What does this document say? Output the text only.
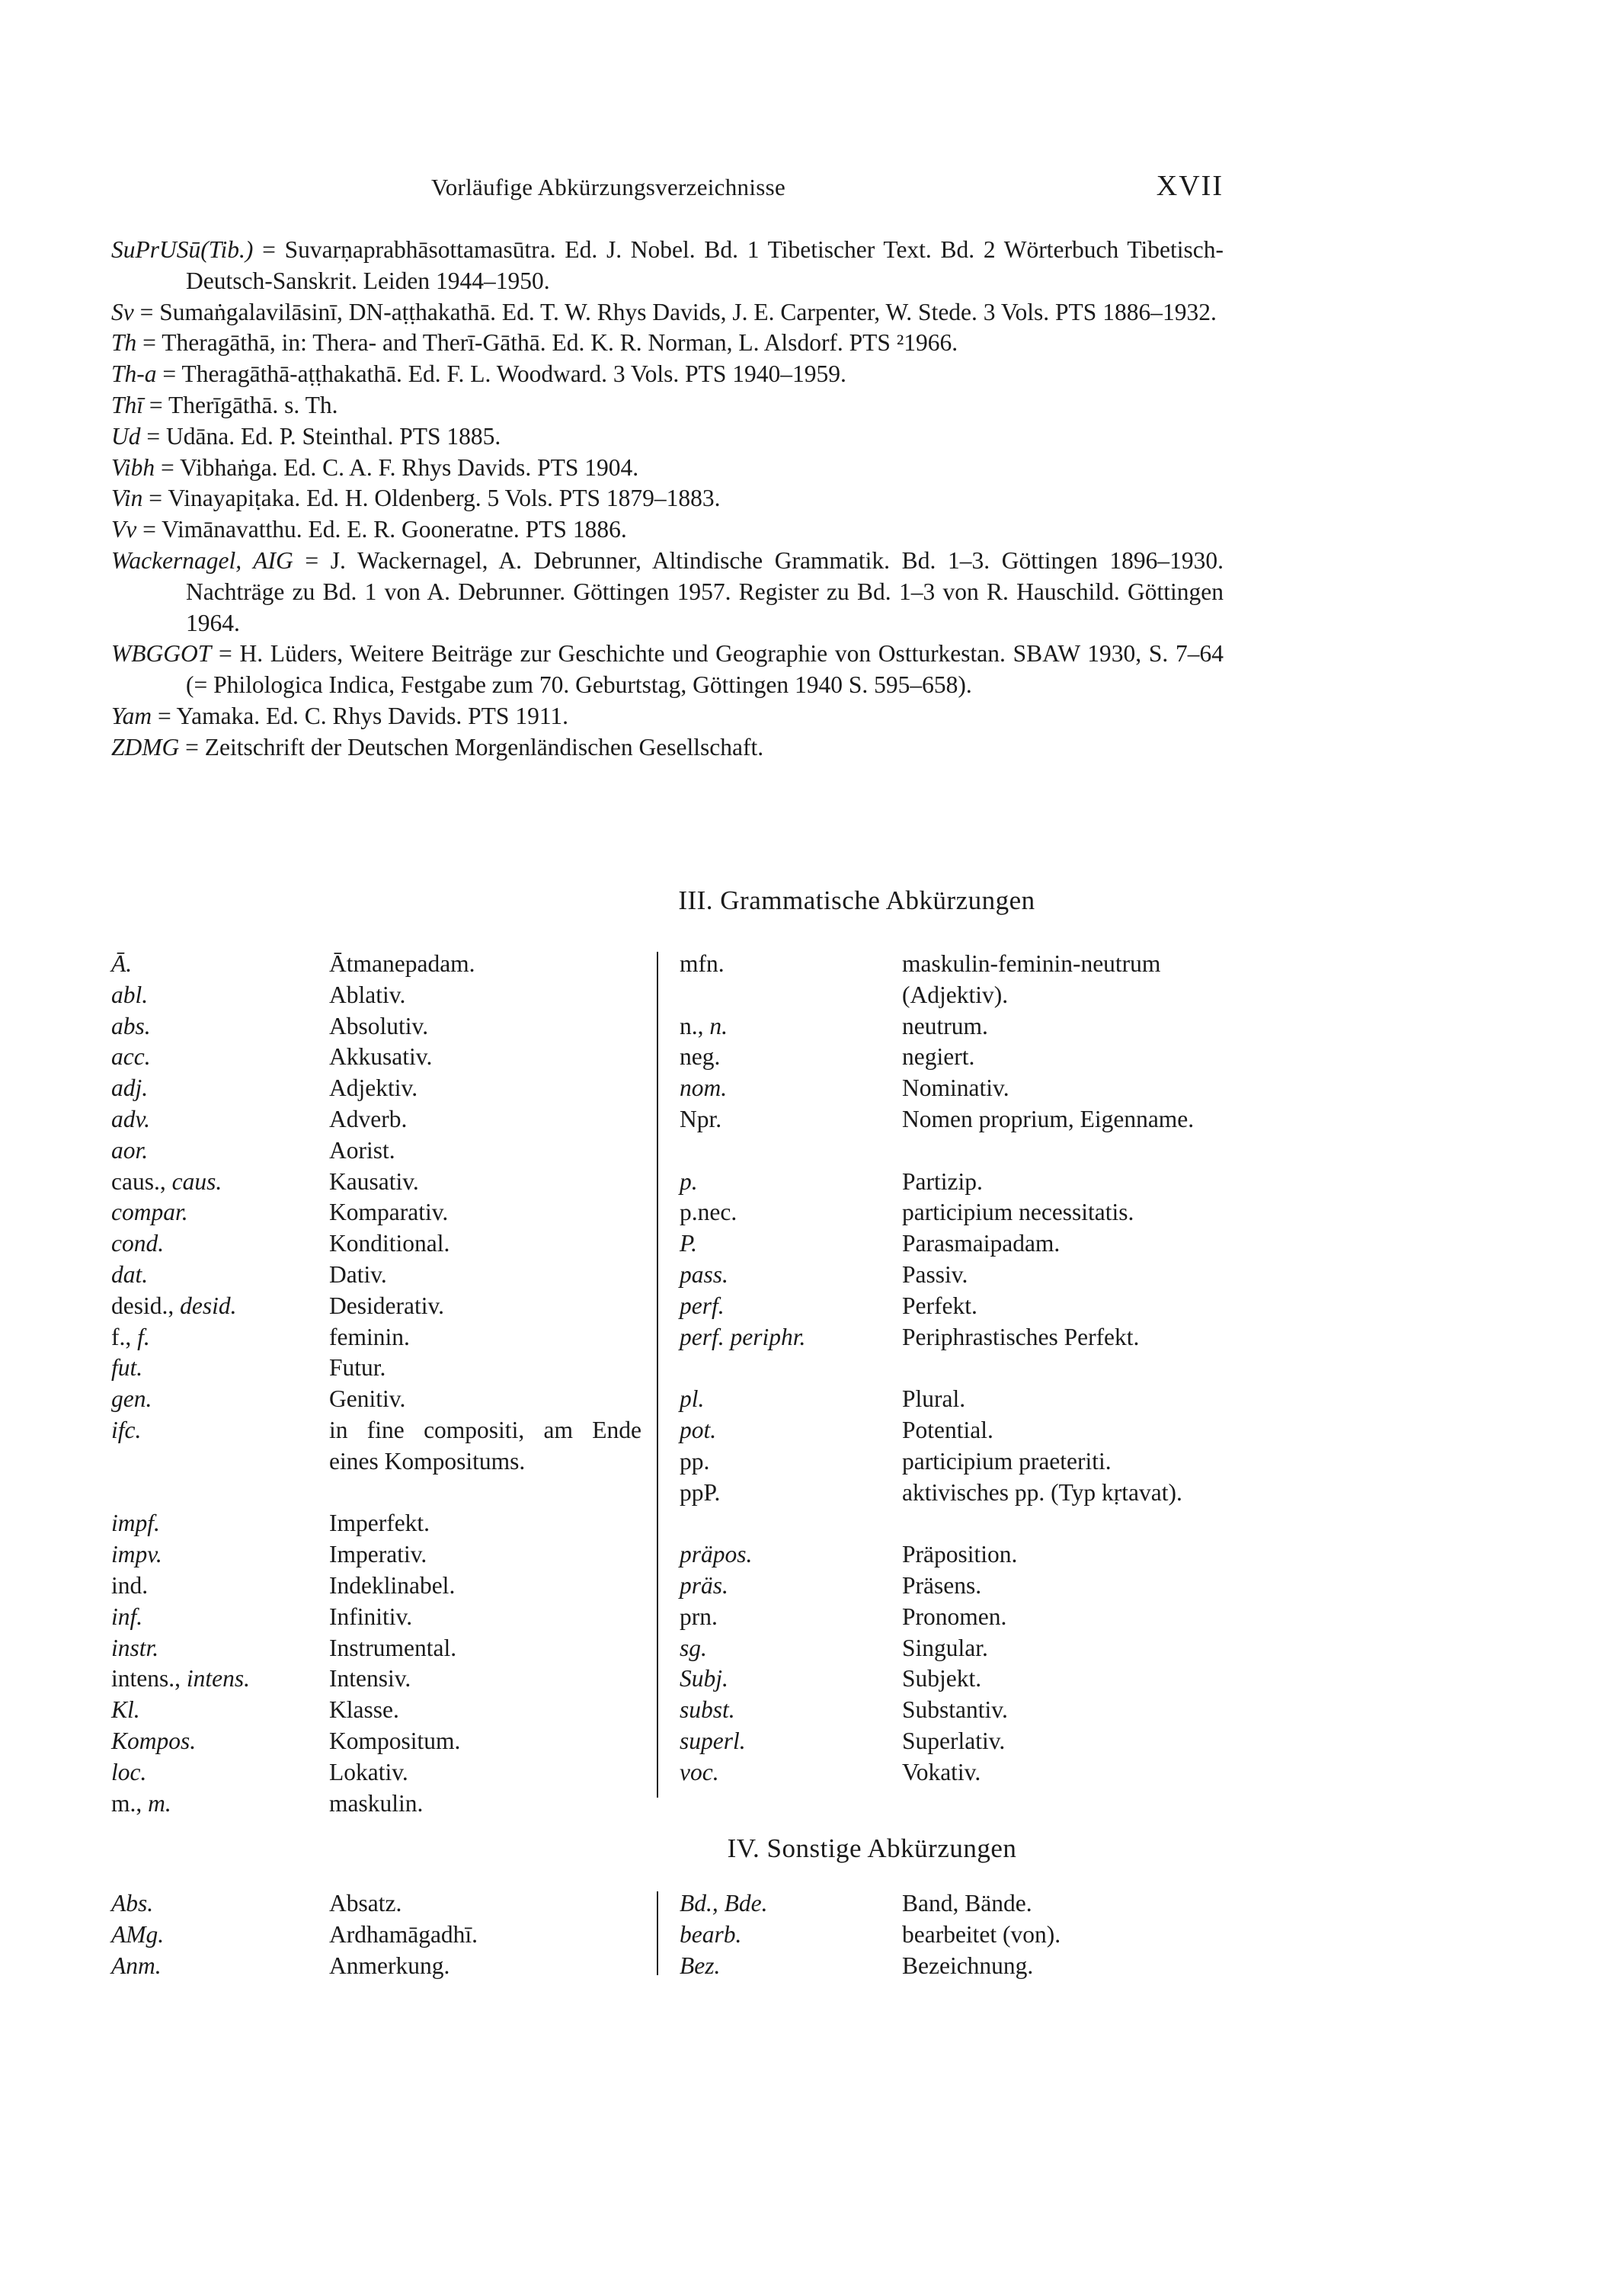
Vorläufige Abkürzungsverzeichnisse	XVII
SuPrUSū(Tib.) = Suvarṇaprabhāsottamasūtra. Ed. J. Nobel. Bd. 1 Tibetischer Text. Bd. 2 Wörterbuch Tibetisch-Deutsch-Sanskrit. Leiden 1944–1950.
Sv = Sumaṅgalavilāsinī, DN-aṭṭhakathā. Ed. T. W. Rhys Davids, J. E. Carpenter, W. Stede. 3 Vols. PTS 1886–1932.
Th = Theragāthā, in: Thera- and Therī-Gāthā. Ed. K. R. Norman, L. Alsdorf. PTS ²1966.
Th-a = Theragāthā-aṭṭhakathā. Ed. F. L. Woodward. 3 Vols. PTS 1940–1959.
Thī = Therīgāthā. s. Th.
Ud = Udāna. Ed. P. Steinthal. PTS 1885.
Vibh = Vibhaṅga. Ed. C. A. F. Rhys Davids. PTS 1904.
Vin = Vinayapiṭaka. Ed. H. Oldenberg. 5 Vols. PTS 1879–1883.
Vv = Vimānavatthu. Ed. E. R. Gooneratne. PTS 1886.
Wackernagel, AIG = J. Wackernagel, A. Debrunner, Altindische Grammatik. Bd. 1–3. Göttingen 1896–1930. Nachträge zu Bd. 1 von A. Debrunner. Göttingen 1957. Register zu Bd. 1–3 von R. Hauschild. Göttingen 1964.
WBGGOT = H. Lüders, Weitere Beiträge zur Geschichte und Geographie von Ostturkestan. SBAW 1930, S. 7–64 (= Philologica Indica, Festgabe zum 70. Geburtstag, Göttingen 1940 S. 595–658).
Yam = Yamaka. Ed. C. Rhys Davids. PTS 1911.
ZDMG = Zeitschrift der Deutschen Morgenländischen Gesellschaft.
III. Grammatische Abkürzungen
Ā.	Ātmanepadam.
abl.	Ablativ.
abs.	Absolutiv.
acc.	Akkusativ.
adj.	Adjektiv.
adv.	Adverb.
aor.	Aorist.
caus., caus.	Kausativ.
compar.	Komparativ.
cond.	Konditional.
dat.	Dativ.
desid., desid.	Desiderativ.
f., f.	feminin.
fut.	Futur.
gen.	Genitiv.
ifc.	in fine compositi, am Ende eines Kompositums.
impf.	Imperfekt.
impv.	Imperativ.
ind.	Indeklinabel.
inf.	Infinitiv.
instr.	Instrumental.
intens., intens.	Intensiv.
Kl.	Klasse.
Kompos.	Kompositum.
loc.	Lokativ.
m., m.	maskulin.
mfn.	maskulin-feminin-neutrum (Adjektiv).
n., n.	neutrum.
neg.	negiert.
nom.	Nominativ.
Npr.	Nomen proprium, Eigenname.
p.	Partizip.
p.nec.	participium necessitatis.
P.	Parasmaipadam.
pass.	Passiv.
perf.	Perfekt.
perf. periphr.	Periphrastisches Perfekt.
pl.	Plural.
pot.	Potential.
pp.	participium praeteriti.
ppP.	aktivisches pp. (Typ kṛtavat).
präpos.	Präposition.
präs.	Präsens.
prn.	Pronomen.
sg.	Singular.
Subj.	Subjekt.
subst.	Substantiv.
superl.	Superlativ.
voc.	Vokativ.
IV. Sonstige Abkürzungen
Abs.	Absatz.
AMg.	Ardhamāgadhī.
Anm.	Anmerkung.
Bd., Bde.	Band, Bände.
bearb.	bearbeitet (von).
Bez.	Bezeichnung.
